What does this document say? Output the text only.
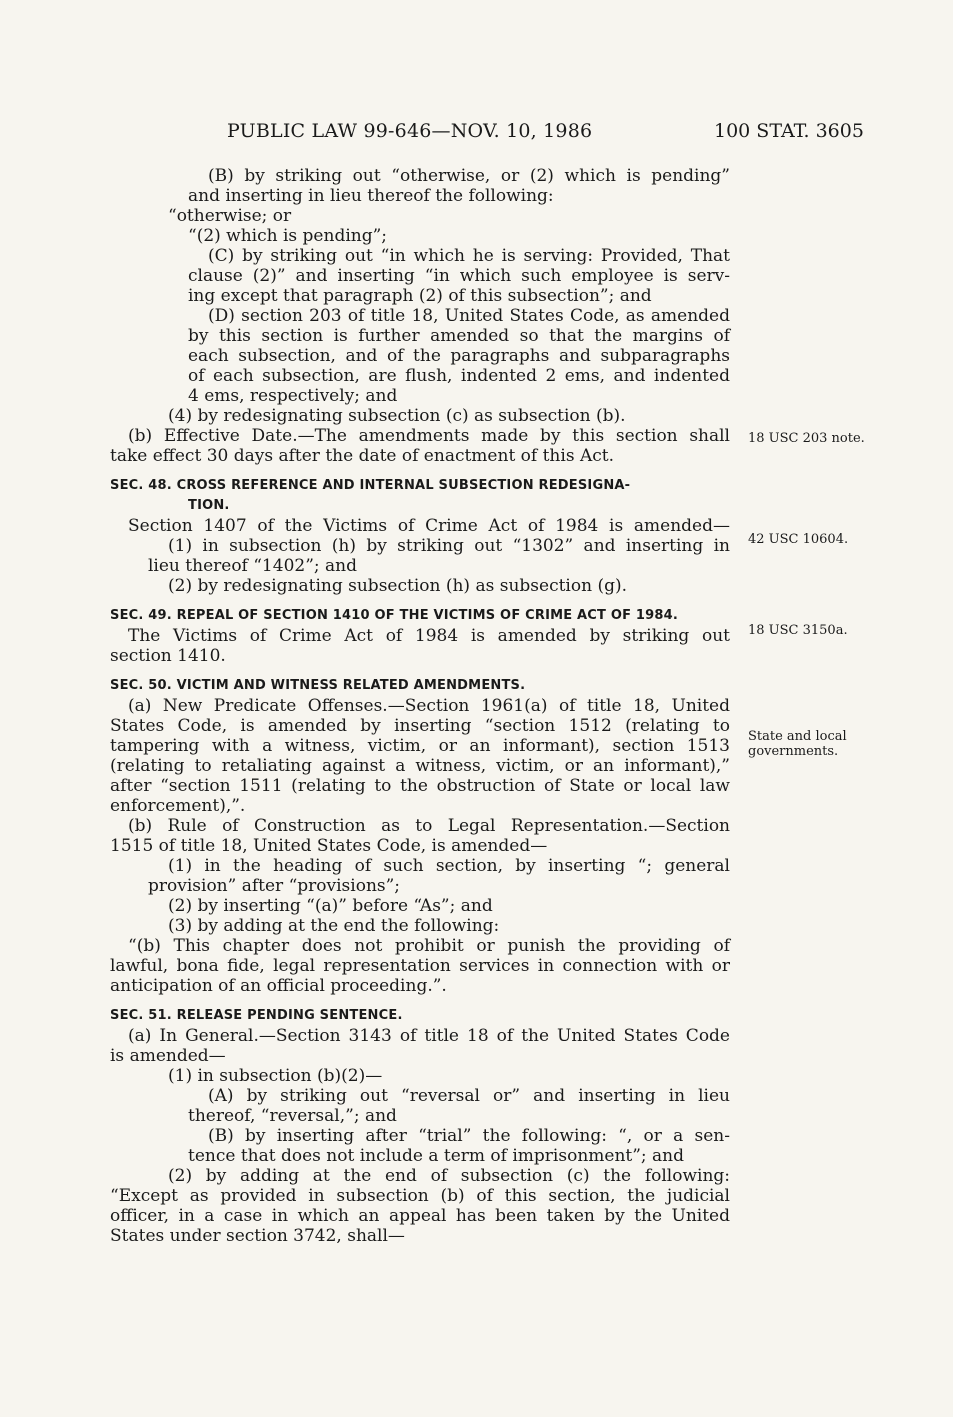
PUBLIC LAW 99-646—NOV. 10, 1986	100 STAT. 3605
(B) by striking out “otherwise, or (2) which is pending”
and inserting in lieu thereof the following:
“otherwise; or
“(2) which is pending”;
(C) by striking out “in which he is serving: Provided, That
clause (2)” and inserting “in which such employee is serv-
ing except that paragraph (2) of this subsection”; and
(D) section 203 of title 18, United States Code, as amended
by this section is further amended so that the margins of
each subsection, and of the paragraphs and subparagraphs
of each subsection, are flush, indented 2 ems, and indented
4 ems, respectively; and
(4) by redesignating subsection (c) as subsection (b).
(b) Effective Date.—The amendments made by this section shall
take effect 30 days after the date of enactment of this Act.
SEC. 48. CROSS REFERENCE AND INTERNAL SUBSECTION REDESIGNA-
TION.
Section 1407 of the Victims of Crime Act of 1984 is amended—
(1) in subsection (h) by striking out “1302” and inserting in
lieu thereof “1402”; and
(2) by redesignating subsection (h) as subsection (g).
SEC. 49. REPEAL OF SECTION 1410 OF THE VICTIMS OF CRIME ACT OF 1984.
The Victims of Crime Act of 1984 is amended by striking out
section 1410.
SEC. 50. VICTIM AND WITNESS RELATED AMENDMENTS.
(a) New Predicate Offenses.—Section 1961(a) of title 18, United
States Code, is amended by inserting “section 1512 (relating to
tampering with a witness, victim, or an informant), section 1513
(relating to retaliating against a witness, victim, or an informant),”
after “section 1511 (relating to the obstruction of State or local law
enforcement),”.
(b) Rule of Construction as to Legal Representation.—Section
1515 of title 18, United States Code, is amended—
(1) in the heading of such section, by inserting “; general
provision” after “provisions”;
(2) by inserting “(a)” before “As”; and
(3) by adding at the end the following:
“(b) This chapter does not prohibit or punish the providing of
lawful, bona fide, legal representation services in connection with or
anticipation of an official proceeding.”.
SEC. 51. RELEASE PENDING SENTENCE.
(a) In General.—Section 3143 of title 18 of the United States Code
is amended—
(1) in subsection (b)(2)—
(A) by striking out “reversal or” and inserting in lieu
thereof, “reversal,”; and
(B) by inserting after “trial” the following: “, or a sen-
tence that does not include a term of imprisonment”; and
(2) by adding at the end of subsection (c) the following:
“Except as provided in subsection (b) of this section, the judicial
officer, in a case in which an appeal has been taken by the United
States under section 3742, shall—
18 USC 203 note.
42 USC 10604.
18 USC 3150a.
State and local governments.
